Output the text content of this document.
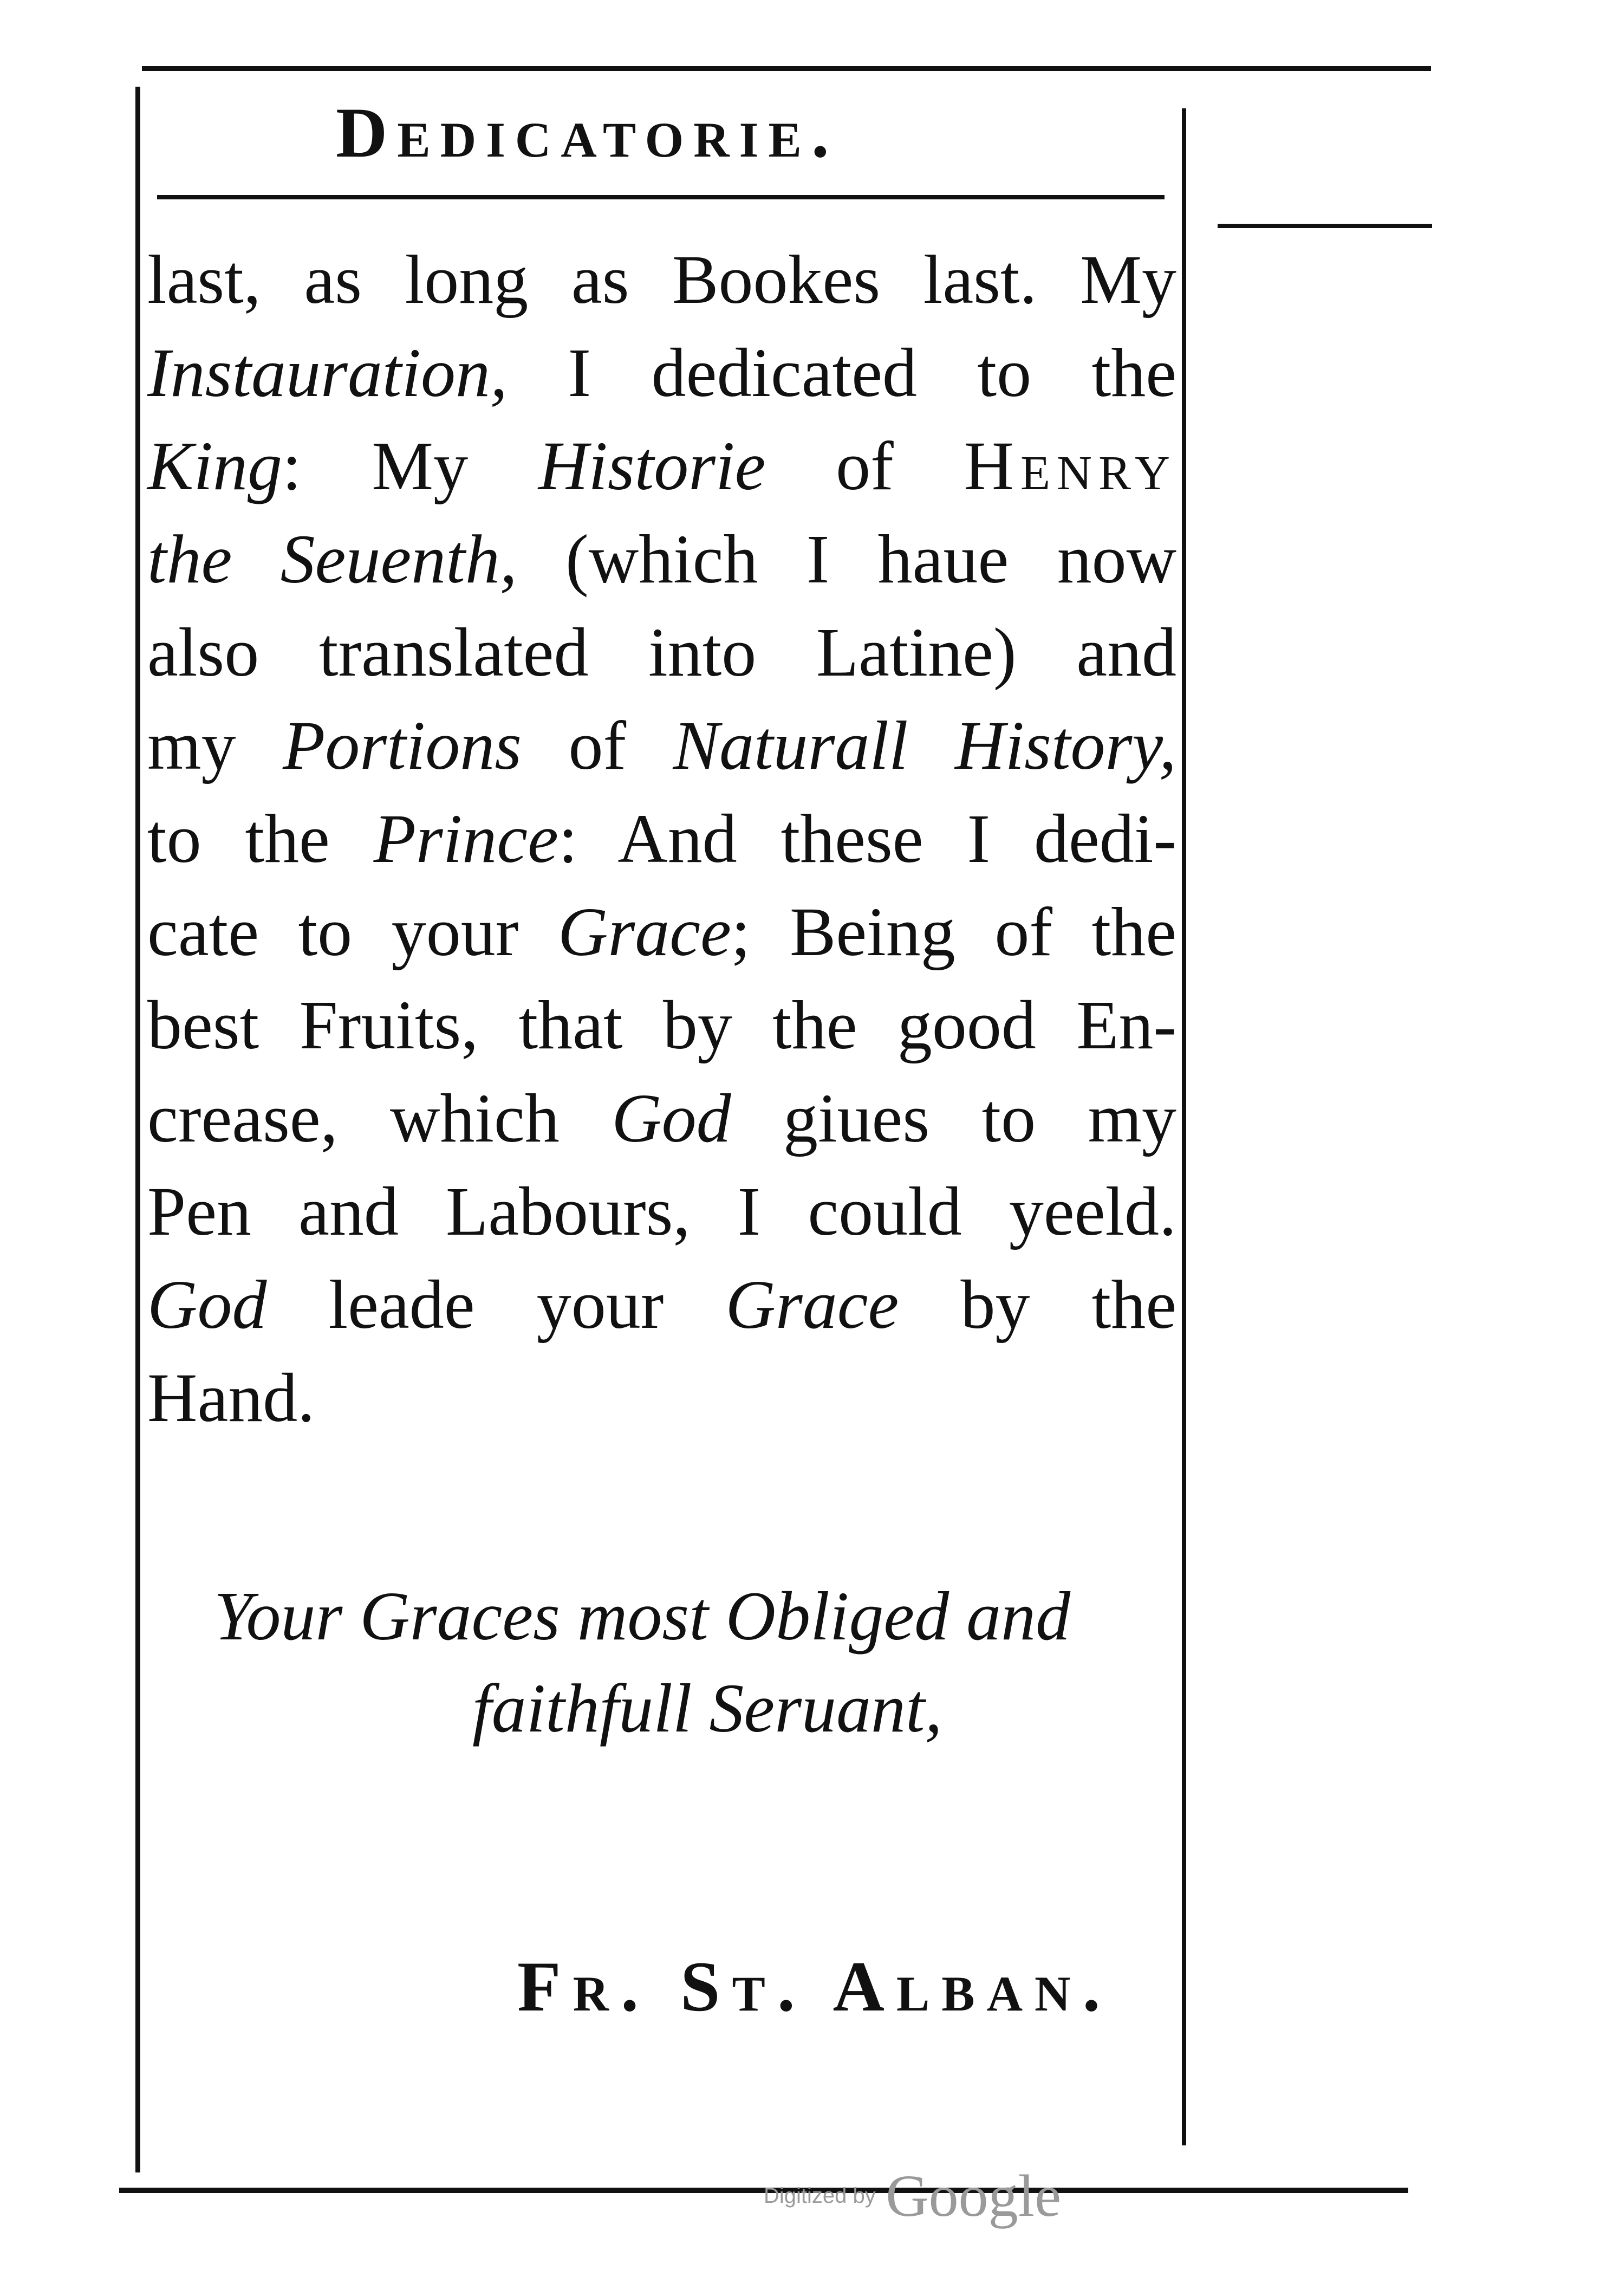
Dedicatorie.
last, as long as Bookes last. My
Instauration, I dedicated to the
King: My Historie of Henry
the Seuenth, (which I haue now
also translated into Latine) and
my Portions of Naturall History,
to the Prince: And these I dedi-
cate to your Grace; Being of the
best Fruits, that by the good En-
crease, which God giues to my
Pen and Labours, I could yeeld.
God leade your Grace by the
Hand.
Your Graces most Obliged and
faithfull Seruant,
Fr. St. Alban.
Digitized by Google
